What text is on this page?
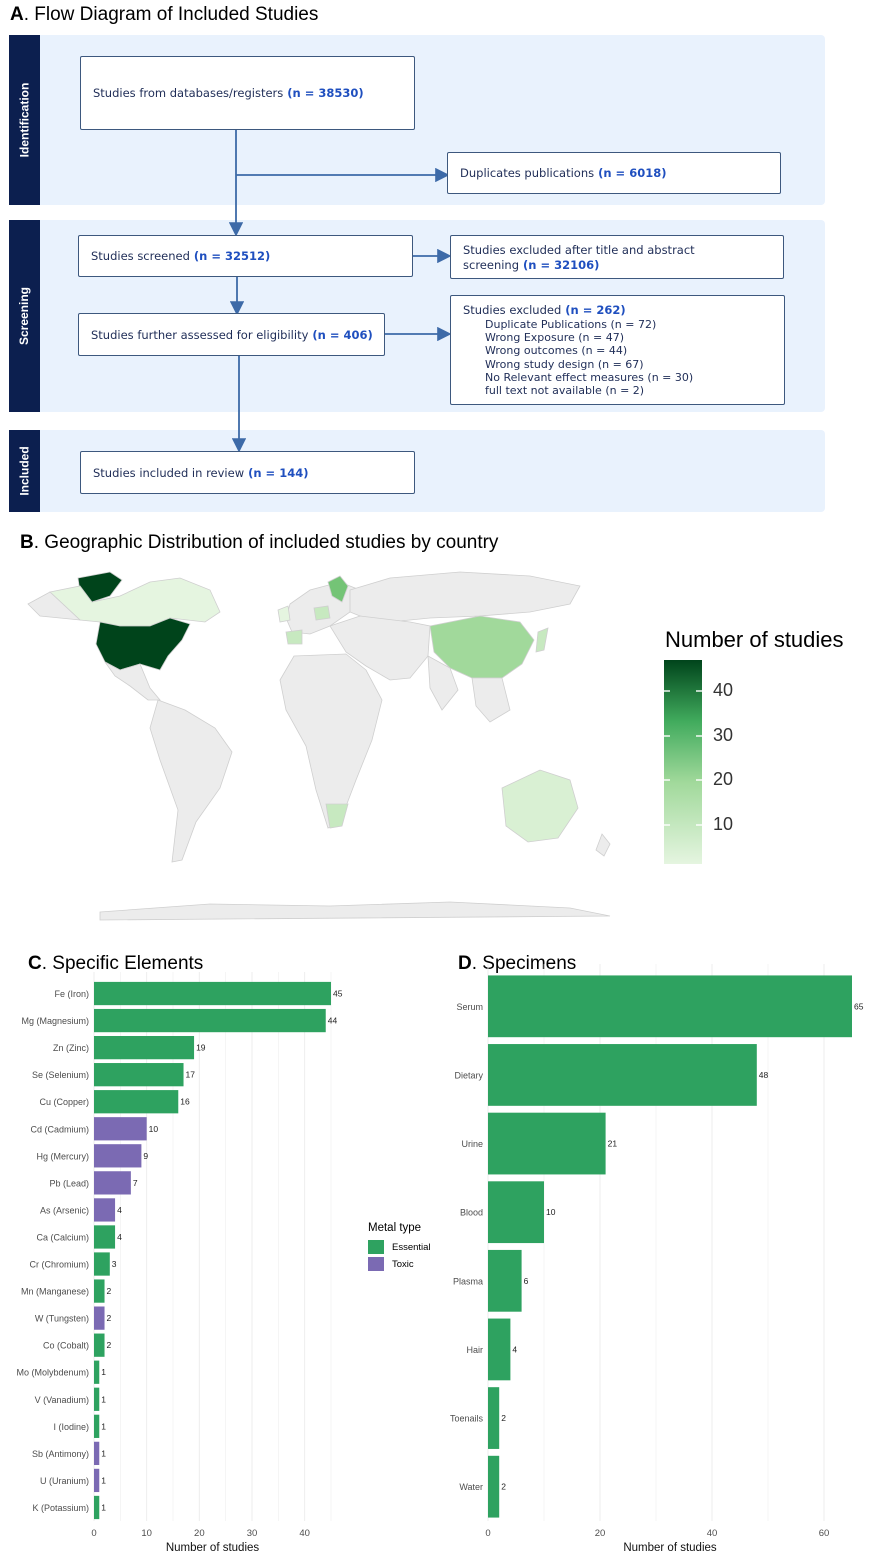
A. Flow Diagram of Included Studies
Identification
Screening
Included
Studies from databases/registers (n = 38530)
Duplicates publications (n = 6018)
Studies screened (n = 32512)	Studies excluded after title and abstract
screening (n = 32106)
Studies further assessed for eligibility (n = 406)
Studies excluded (n = 262)
Duplicate Publications (n = 72)
Wrong Exposure (n = 47)
Wrong outcomes (n = 44)
Wrong study design (n = 67)
No Relevant effect measures (n = 30)
full text not available (n = 2)
Studies included in review (n = 144)
B. Geographic Distribution of included studies by country
Number of studies
40
30
20
10
C. Specific Elements
45
Fe (Iron)
44
Mg (Magnesium)
19
Zn (Zinc)
17
Se (Selenium)
16
Cu (Copper)
10
Cd (Cadmium)
9
Hg (Mercury)
7
Pb (Lead)
4
As (Arsenic)
4
Ca (Calcium)
3
Cr (Chromium)
2
Mn (Manganese)
2
W (Tungsten)
2
Co (Cobalt)
1
Mo (Molybdenum)
1
V (Vanadium)
1
I (Iodine)
1
Sb (Antimony)
1
U (Uranium)
1
K (Potassium)
0	10	20	30	40
Number of studies
Metal type
Essential
Toxic
D. Specimens
65
Serum
48
Dietary
21
Urine
10
Blood
6
Plasma
4
Hair
2
Toenails
2
Water
0	20	40	60
Number of studies
